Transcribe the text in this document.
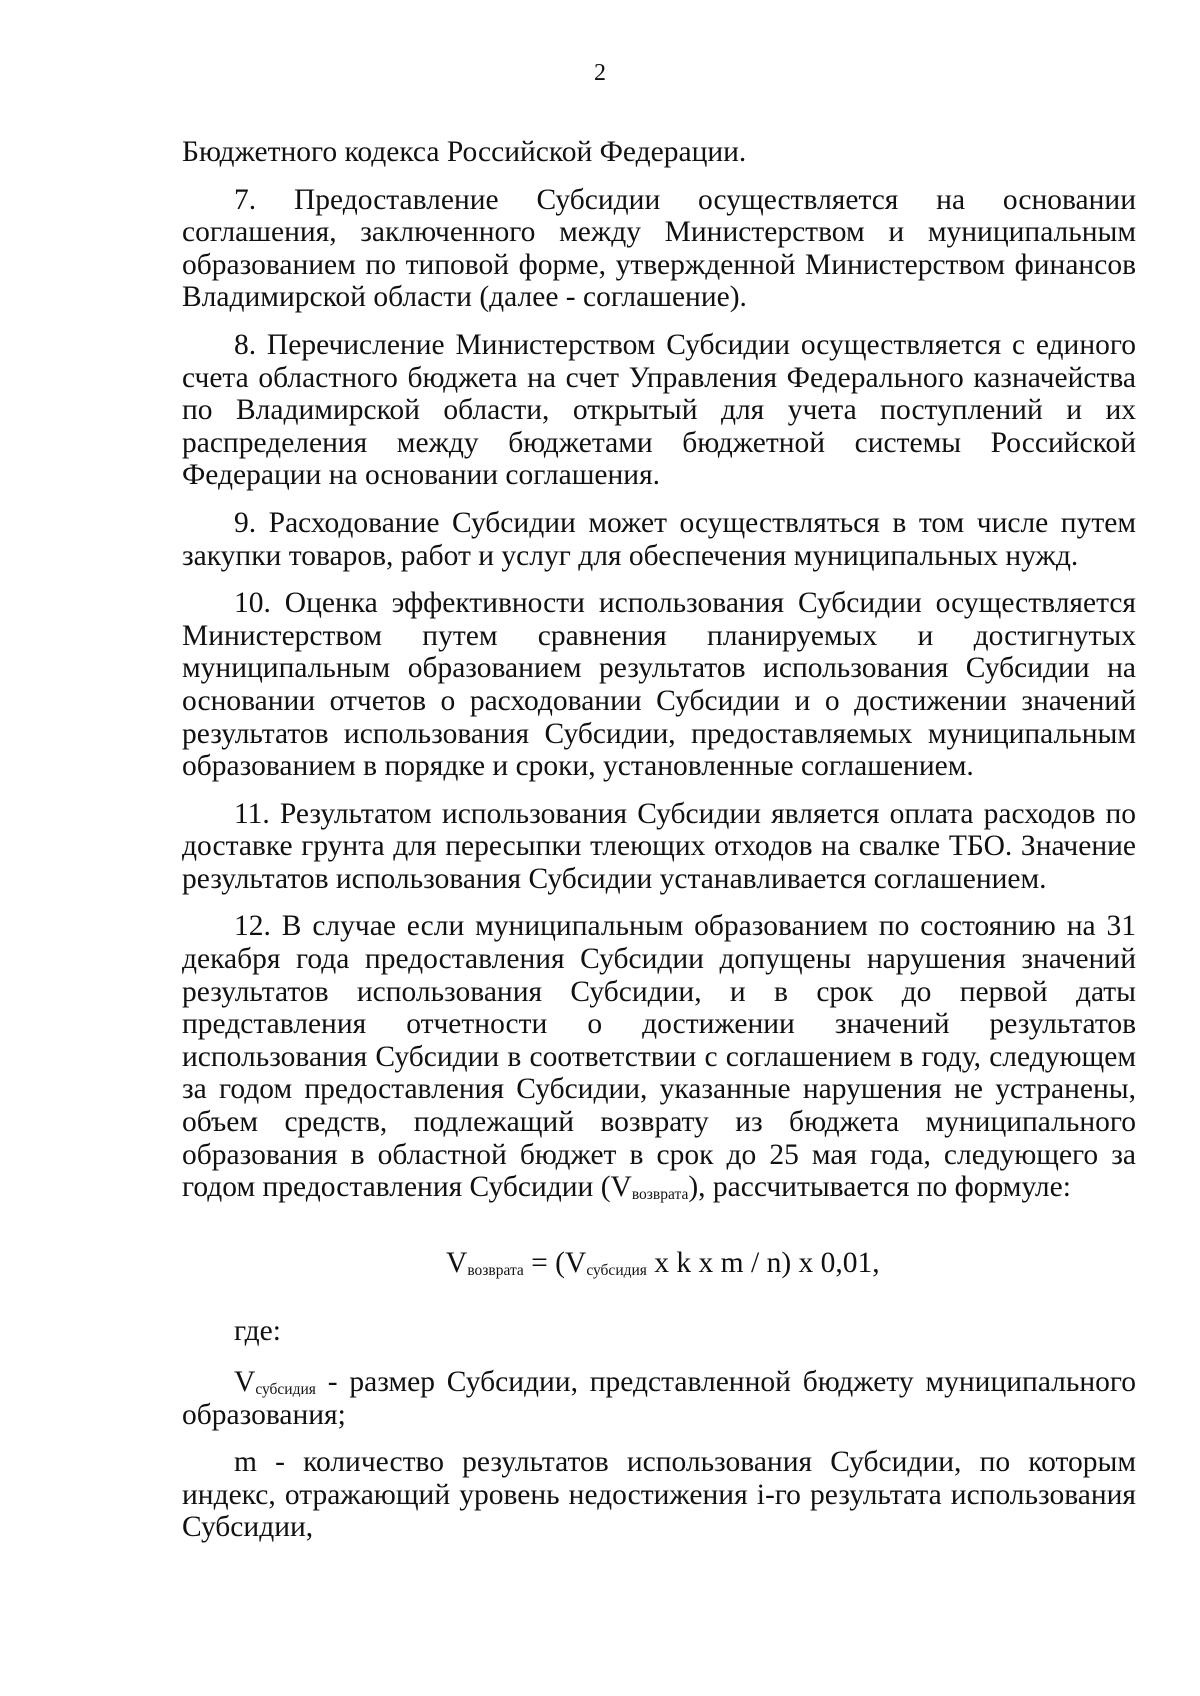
2

Бюджетного кодекса Российской Федерации.

7. Предоставление Субсидии осуществляется на основании соглашения, заключенного между Министерством и муниципальным образованием по типовой форме, утвержденной Министерством финансов Владимирской области (далее - соглашение).

8. Перечисление Министерством Субсидии осуществляется с единого счета областного бюджета на счет Управления Федерального казначейства по Владимирской области, открытый для учета поступлений и их распределения между бюджетами бюджетной системы Российской Федерации на основании соглашения.

9. Расходование Субсидии может осуществляться в том числе путем закупки товаров, работ и услуг для обеспечения муниципальных нужд.

10. Оценка эффективности использования Субсидии осуществляется Министерством путем сравнения планируемых и достигнутых муниципальным образованием результатов использования Субсидии на основании отчетов о расходовании Субсидии и о достижении значений результатов использования Субсидии, предоставляемых муниципальным образованием в порядке и сроки, установленные соглашением.

11. Результатом использования Субсидии является оплата расходов по доставке грунта для пересыпки тлеющих отходов на свалке ТБО. Значение результатов использования Субсидии устанавливается соглашением.

12. В случае если муниципальным образованием по состоянию на 31 декабря года предоставления Субсидии допущены нарушения значений результатов использования Субсидии, и в срок до первой даты представления отчетности о достижении значений результатов использования Субсидии в соответствии с соглашением в году, следующем за годом предоставления Субсидии, указанные нарушения не устранены, объем средств, подлежащий возврату из бюджета муниципального образования в областной бюджет в срок до 25 мая года, следующего за годом предоставления Субсидии (Vвозврата), рассчитывается по формуле:

Vвозврата = (Vсубсидия x k x m / n) x 0,01,

где:

Vсубсидия - размер Субсидии, представленной бюджету муниципального образования;

m - количество результатов использования Субсидии, по которым индекс, отражающий уровень недостижения i-го результата использования Субсидии,
